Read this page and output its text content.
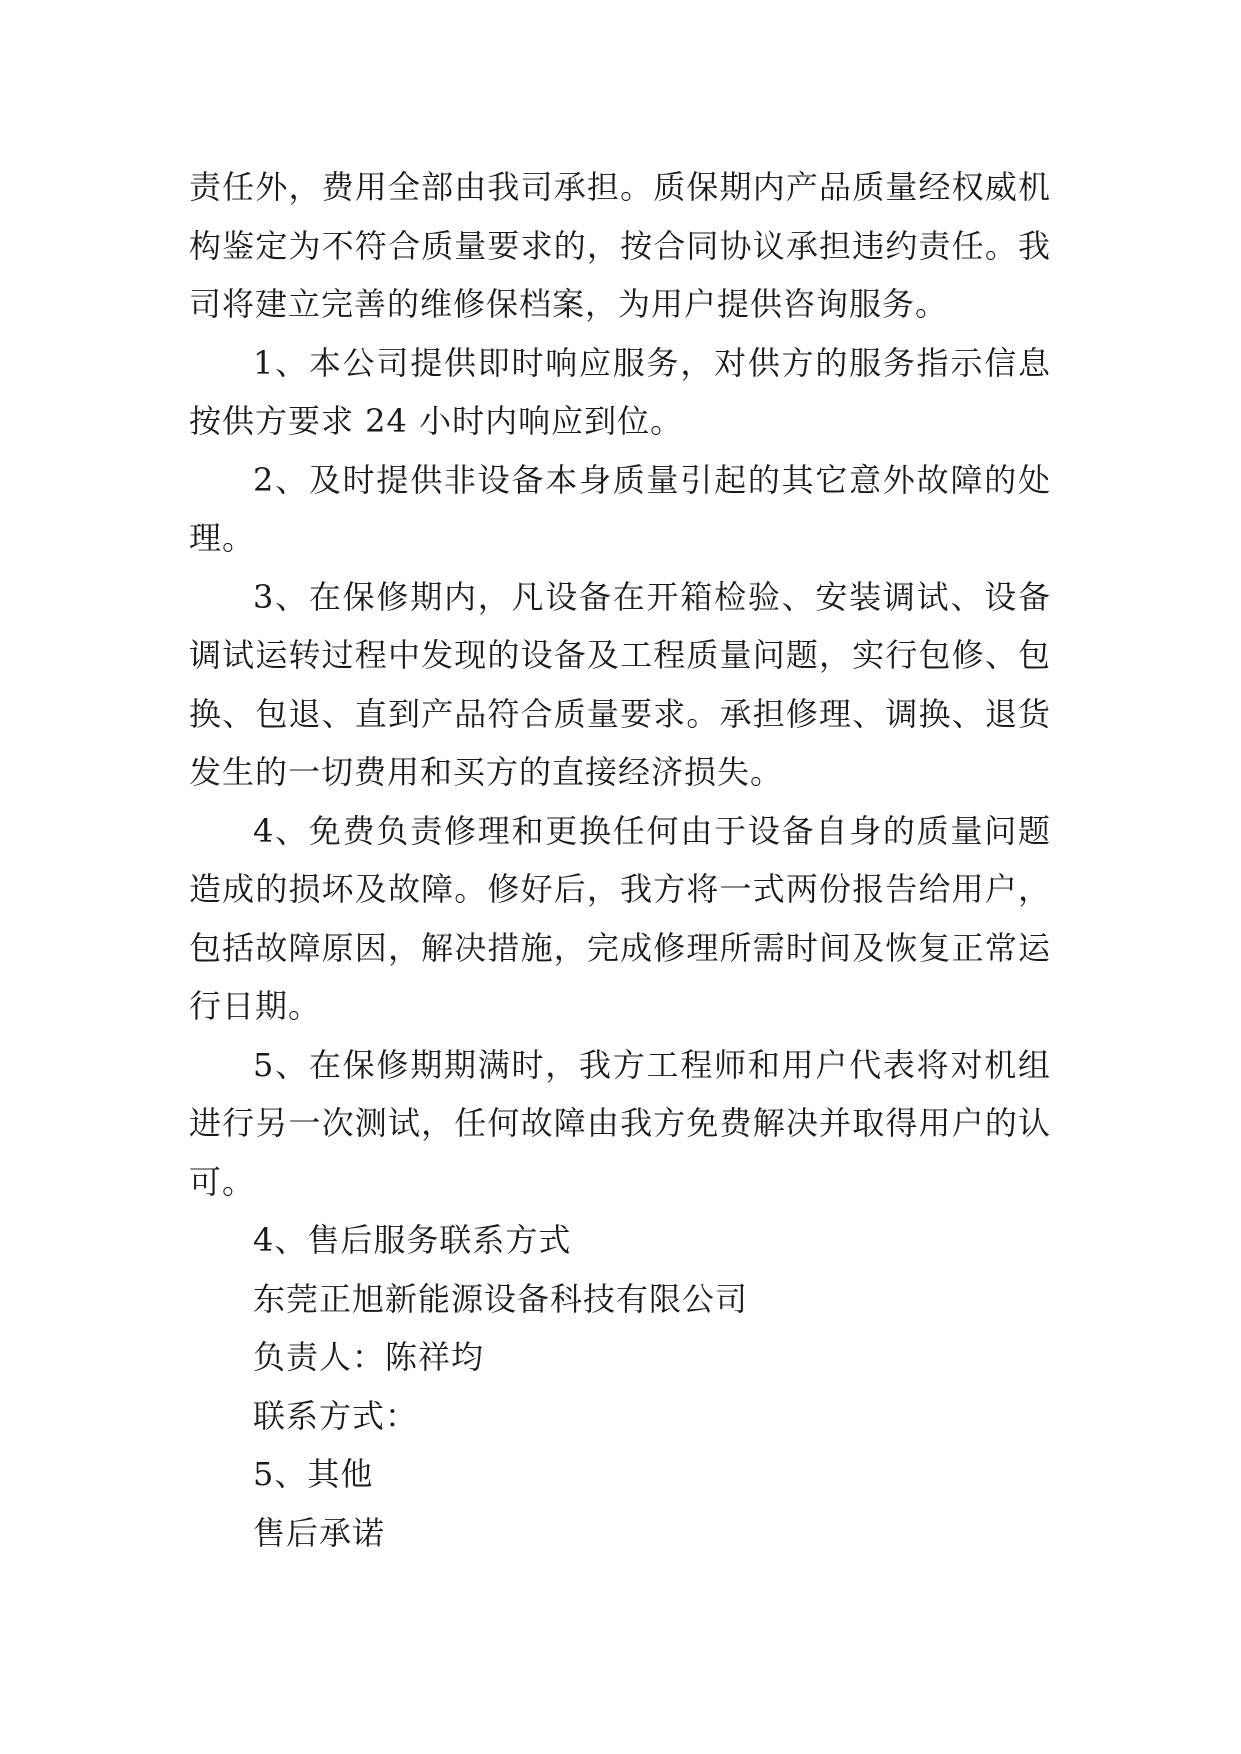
责任外，费用全部由我司承担。质保期内产品质量经权威机构鉴定为不符合质量要求的，按合同协议承担违约责任。我司将建立完善的维修保档案，为用户提供咨询服务。

1、本公司提供即时响应服务，对供方的服务指示信息按供方要求 24 小时内响应到位。

2、及时提供非设备本身质量引起的其它意外故障的处理。

3、在保修期内，凡设备在开箱检验、安装调试、设备调试运转过程中发现的设备及工程质量问题，实行包修、包换、包退、直到产品符合质量要求。承担修理、调换、退货发生的一切费用和买方的直接经济损失。

4、免费负责修理和更换任何由于设备自身的质量问题造成的损坏及故障。修好后，我方将一式两份报告给用户，包括故障原因，解决措施，完成修理所需时间及恢复正常运行日期。

5、在保修期期满时，我方工程师和用户代表将对机组进行另一次测试，任何故障由我方免费解决并取得用户的认可。

4、售后服务联系方式

东莞正旭新能源设备科技有限公司

负责人：陈祥均

联系方式：

5、其他

售后承诺
